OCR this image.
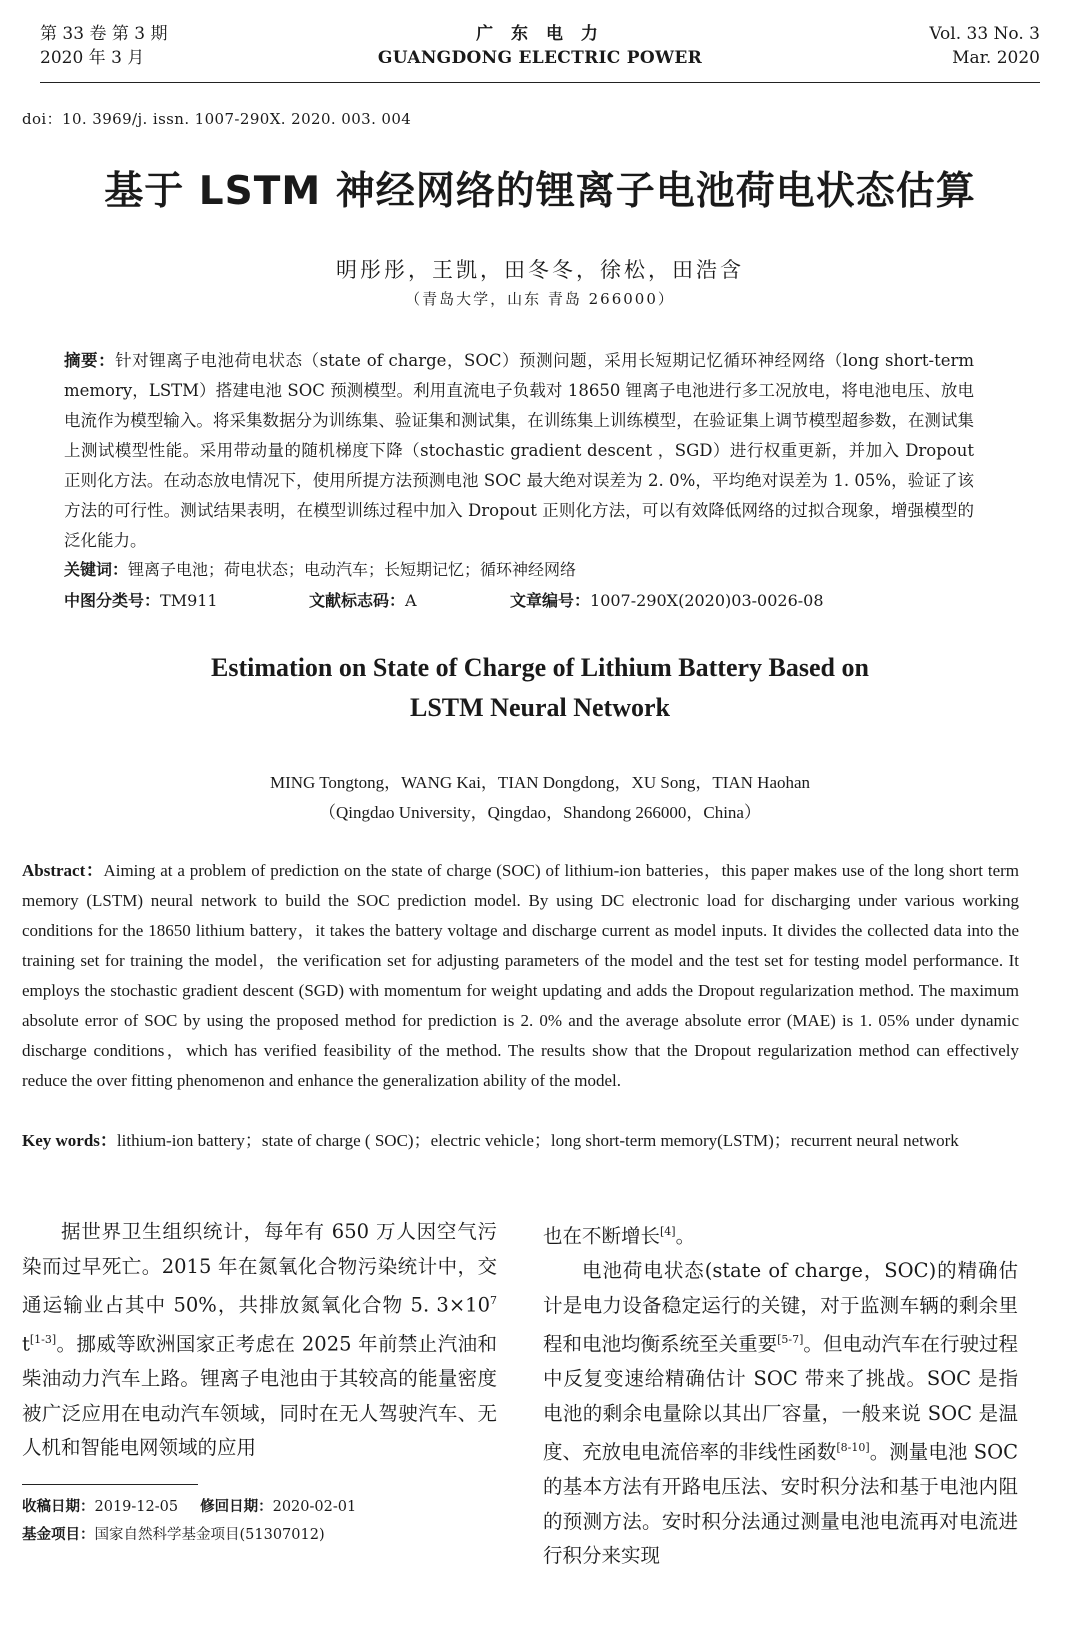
第 33 卷 第 3 期
2020 年 3 月
广 东 电 力
GUANGDONG ELECTRIC POWER
Vol. 33 No. 3
Mar. 2020
doi：10. 3969/j. issn. 1007-290X. 2020. 003. 004
基于 LSTM 神经网络的锂离子电池荷电状态估算
明彤彤，王凯，田冬冬，徐松，田浩含
（青岛大学，山东 青岛 266000）
摘要：针对锂离子电池荷电状态（state of charge，SOC）预测问题，采用长短期记忆循环神经网络（long short-term memory，LSTM）搭建电池 SOC 预测模型。利用直流电子负载对 18650 锂离子电池进行多工况放电，将电池电压、放电电流作为模型输入。将采集数据分为训练集、验证集和测试集，在训练集上训练模型，在验证集上调节模型超参数，在测试集上测试模型性能。采用带动量的随机梯度下降（stochastic gradient descent ，SGD）进行权重更新，并加入 Dropout 正则化方法。在动态放电情况下，使用所提方法预测电池 SOC 最大绝对误差为 2. 0%，平均绝对误差为 1. 05%，验证了该方法的可行性。测试结果表明，在模型训练过程中加入 Dropout 正则化方法，可以有效降低网络的过拟合现象，增强模型的泛化能力。
关键词：锂离子电池；荷电状态；电动汽车；长短期记忆；循环神经网络
中图分类号：TM911	文献标志码：A	文章编号：1007-290X(2020)03-0026-08
Estimation on State of Charge of Lithium Battery Based on
LSTM Neural Network
MING Tongtong，WANG Kai，TIAN Dongdong，XU Song，TIAN Haohan
（Qingdao University，Qingdao，Shandong 266000，China）
Abstract：Aiming at a problem of prediction on the state of charge (SOC) of lithium-ion batteries，this paper makes use of the long short term memory (LSTM) neural network to build the SOC prediction model. By using DC electronic load for discharging under various working conditions for the 18650 lithium battery，it takes the battery voltage and discharge current as model inputs. It divides the collected data into the training set for training the model，the verification set for adjusting parameters of the model and the test set for testing model performance. It employs the stochastic gradient descent (SGD) with momentum for weight updating and adds the Dropout regularization method. The maximum absolute error of SOC by using the proposed method for prediction is 2. 0% and the average absolute error (MAE) is 1. 05% under dynamic discharge conditions，which has verified feasibility of the method. The results show that the Dropout regularization method can effectively reduce the over fitting phenomenon and enhance the generalization ability of the model.
Key words：lithium-ion battery；state of charge ( SOC)；electric vehicle；long short-term memory(LSTM)；recurrent neural network
据世界卫生组织统计，每年有 650 万人因空气污染而过早死亡。2015 年在氮氧化合物污染统计中，交通运输业占其中 50%，共排放氮氧化合物 5. $3\times 10^7$ t[1-3]。挪威等欧洲国家正考虑在 2025 年前禁止汽油和柴油动力汽车上路。锂离子电池由于其较高的能量密度被广泛应用在电动汽车领域，同时在无人驾驶汽车、无人机和智能电网领域的应用
也在不断增长[4]。
电池荷电状态(state of charge，SOC)的精确估计是电力设备稳定运行的关键，对于监测车辆的剩余里程和电池均衡系统至关重要[5-7]。但电动汽车在行驶过程中反复变速给精确估计 SOC 带来了挑战。SOC 是指电池的剩余电量除以其出厂容量，一般来说 SOC 是温度、充放电电流倍率的非线性函数[8-10]。测量电池 SOC 的基本方法有开路电压法、安时积分法和基于电池内阻的预测方法。安时积分法通过测量电池电流再对电流进行积分来实现
收稿日期：2019-12-05 修回日期：2020-02-01
基金项目：国家自然科学基金项目(51307012)
